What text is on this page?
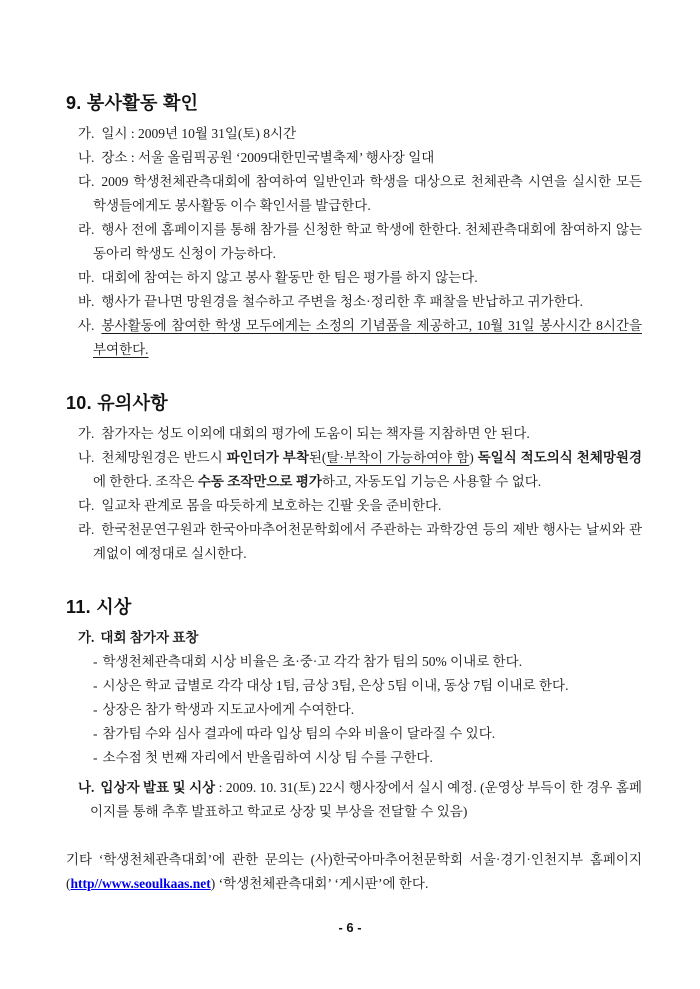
9. 봉사활동 확인

가. 일시 : 2009년 10월 31일(토) 8시간

나. 장소 : 서울 올림픽공원 ‘2009대한민국별축제’ 행사장 일대

다. 2009 학생천체관측대회에 참여하여 일반인과 학생을 대상으로 천체관측 시연을 실시한 모든 학생들에게도 봉사활동 이수 확인서를 발급한다.

라. 행사 전에 홈페이지를 통해 참가를 신청한 학교 학생에 한한다. 천체관측대회에 참여하지 않는 동아리 학생도 신청이 가능하다.

마. 대회에 참여는 하지 않고 봉사 활동만 한 팀은 평가를 하지 않는다.

바. 행사가 끝나면 망원경을 철수하고 주변을 청소·정리한 후 패찰을 반납하고 귀가한다.

사. 봉사활동에 참여한 학생 모두에게는 소정의 기념품을 제공하고, 10월 31일 봉사시간 8시간을 부여한다.

10. 유의사항

가. 참가자는 성도 이외에 대회의 평가에 도움이 되는 책자를 지참하면 안 된다.

나. 천체망원경은 반드시 파인더가 부착된(탈·부착이 가능하여야 함) 독일식 적도의식 천체망원경에 한한다. 조작은 수동 조작만으로 평가하고, 자동도입 기능은 사용할 수 없다.

다. 일교차 관계로 몸을 따듯하게 보호하는 긴팔 옷을 준비한다.

라. 한국천문연구원과 한국아마추어천문학회에서 주관하는 과학강연 등의 제반 행사는 날씨와 관계없이 예정대로 실시한다.

11. 시상

가. 대회 참가자 표창

- 학생천체관측대회 시상 비율은 초·중·고 각각 참가 팀의 50% 이내로 한다.

- 시상은 학교 급별로 각각 대상 1팀, 금상 3팀, 은상 5팀 이내, 동상 7팀 이내로 한다.

- 상장은 참가 학생과 지도교사에게 수여한다.

- 참가팀 수와 심사 결과에 따라 입상 팀의 수와 비율이 달라질 수 있다.

- 소수점 첫 번째 자리에서 반올림하여 시상 팀 수를 구한다.

나. 입상자 발표 및 시상 : 2009. 10. 31(토) 22시 행사장에서 실시 예정. (운영상 부득이 한 경우 홈페이지를 통해 추후 발표하고 학교로 상장 및 부상을 전달할 수 있음)

기타 ‘학생천체관측대회’에 관한 문의는 (사)한국아마추어천문학회 서울·경기·인천지부 홈페이지 (http//www.seoulkaas.net) ‘학생천체관측대회’ ‘게시판’에 한다.

- 6 -
